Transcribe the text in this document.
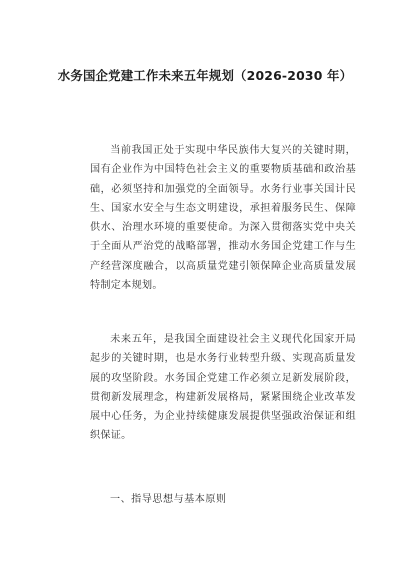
水务国企党建工作未来五年规划（2026-2030 年）

当前我国正处于实现中华民族伟大复兴的关键时期，国有企业作为中国特色社会主义的重要物质基础和政治基础，必须坚持和加强党的全面领导。水务行业事关国计民生、国家水安全与生态文明建设，承担着服务民生、保障供水、治理水环境的重要使命。为深入贯彻落实党中央关于全面从严治党的战略部署，推动水务国企党建工作与生产经营深度融合，以高质量党建引领保障企业高质量发展特制定本规划。

未来五年，是我国全面建设社会主义现代化国家开局起步的关键时期，也是水务行业转型升级、实现高质量发展的攻坚阶段。水务国企党建工作必须立足新发展阶段，贯彻新发展理念，构建新发展格局，紧紧围绕企业改革发展中心任务，为企业持续健康发展提供坚强政治保证和组织保证。

一、指导思想与基本原则
